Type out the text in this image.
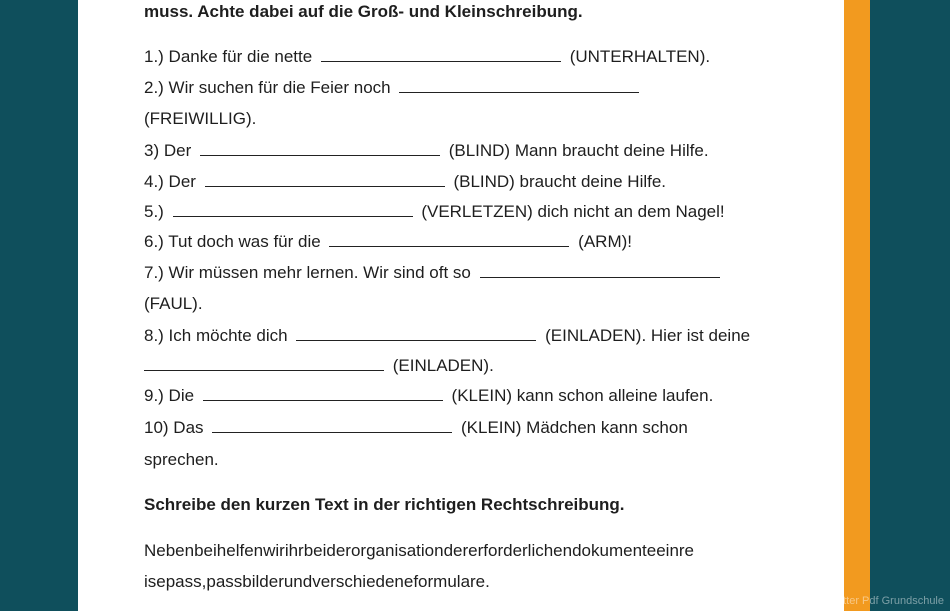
muss. Achte dabei auf die Groß- und Kleinschreibung.
1.) Danke für die nette	(UNTERHALTEN).
2.) Wir suchen für die Feier noch
(FREIWILLIG).
3) Der	(BLIND) Mann braucht deine Hilfe.
4.) Der	(BLIND) braucht deine Hilfe.
5.)	(VERLETZEN) dich nicht an dem Nagel!
6.) Tut doch was für die	(ARM)!
7.) Wir müssen mehr lernen. Wir sind oft so
(FAUL).
8.) Ich möchte dich	(EINLADEN). Hier ist deine
(EINLADEN).
9.) Die	(KLEIN) kann schon alleine laufen.
10) Das	(KLEIN) Mädchen kann schon
sprechen.
Schreibe den kurzen Text in der richtigen Rechtschreibung.
Nebenbeihelfenwirihrbeiderorganisationdererforderlichendokumenteeinre
isepass,passbilderundverschiedeneformulare.
Groß Und Kleinschreibung Arbeitsblätter Pdf Grundschule
